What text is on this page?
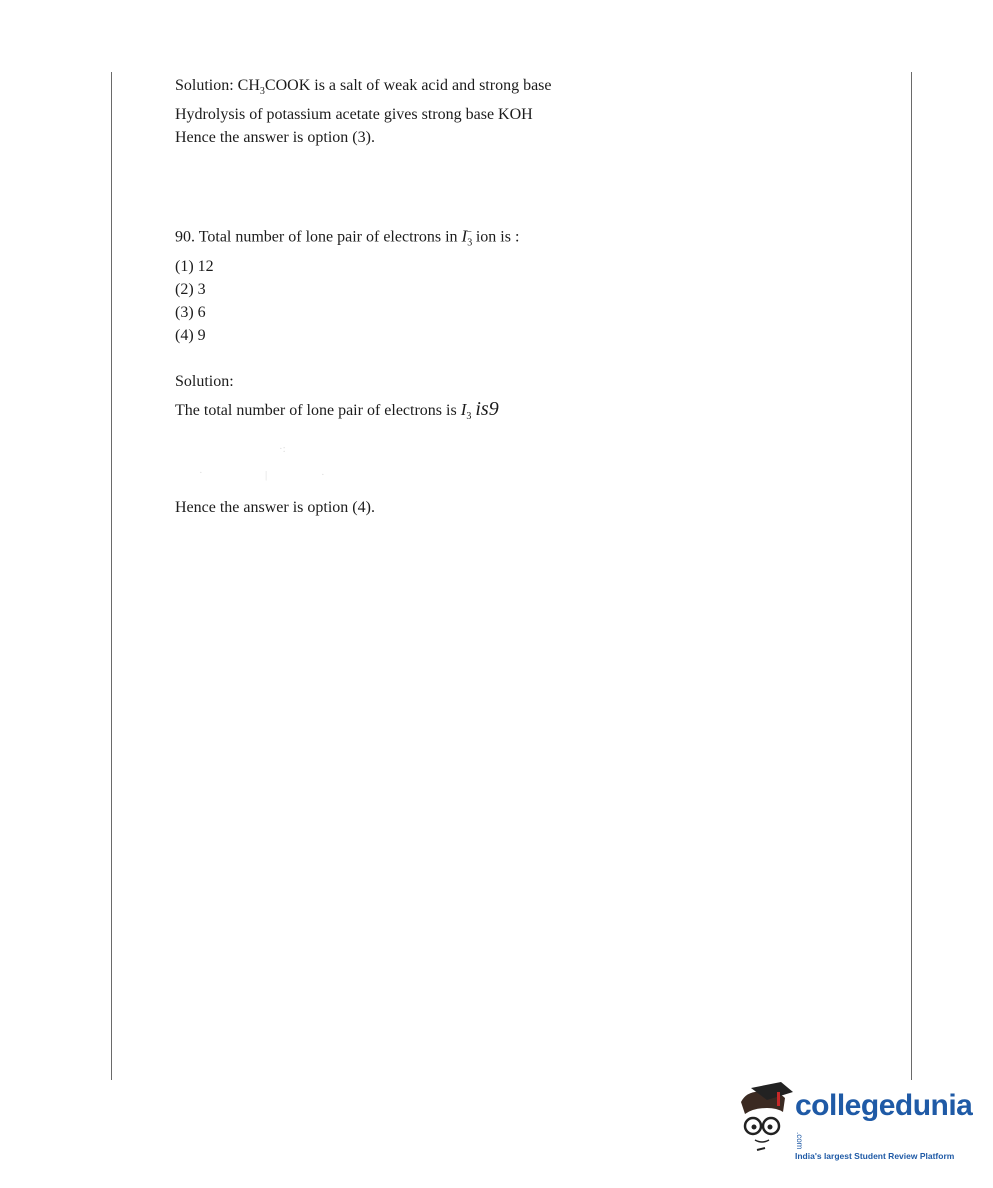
Solution: $CH_3COOK$ is a salt of weak acid and strong base

Hydrolysis of potassium acetate gives strong base KOH

Hence the answer is option (3).

90. Total number of lone pair of electrons in $I_3^-$ ion is :

(1) 12

(2) 3

(3) 6

(4) 9

Solution:

The total number of lone pair of electrons is $I_3$ is9

·:
·	|	·

Hence the answer is option (4).

collegedunia.com
India's largest Student Review Platform
